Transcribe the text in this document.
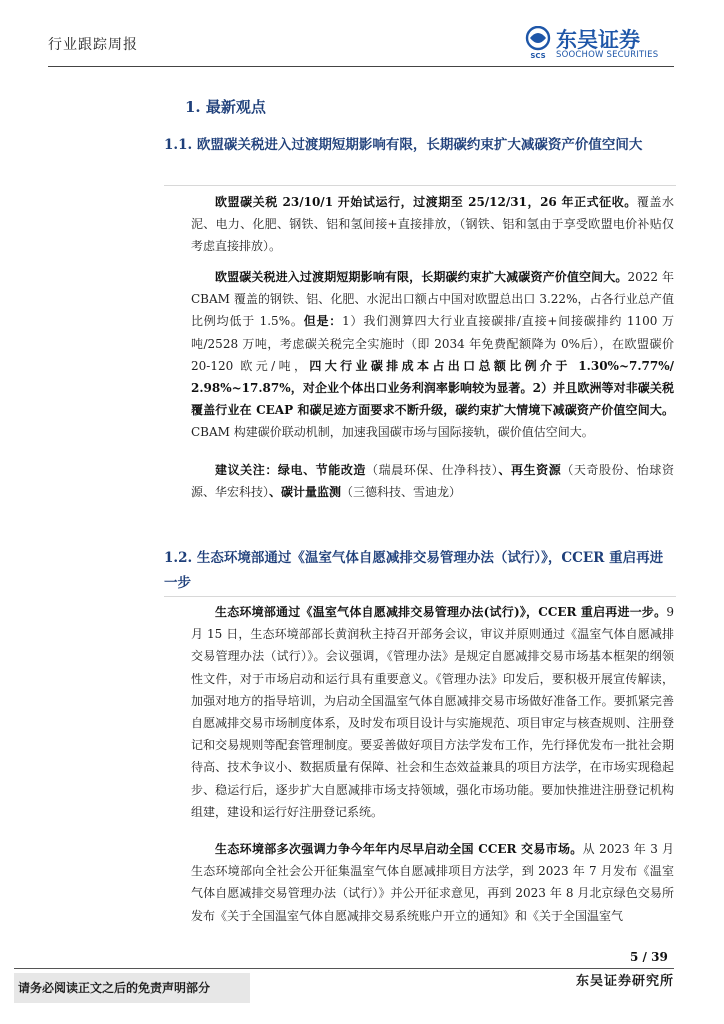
行业跟踪周报
SCS
东吴证券
SOOCHOW SECURITIES
1. 最新观点
1.1. 欧盟碳关税进入过渡期短期影响有限，长期碳约束扩大减碳资产价值空间大
欧盟碳关税 23/10/1 开始试运行，过渡期至 25/12/31，26 年正式征收。覆盖水泥、电力、化肥、钢铁、铝和氢间接+直接排放，（钢铁、铝和氢由于享受欧盟电价补贴仅考虑直接排放）。
欧盟碳关税进入过渡期短期影响有限，长期碳约束扩大减碳资产价值空间大。2022 年 CBAM 覆盖的钢铁、铝、化肥、水泥出口额占中国对欧盟总出口 3.22%，占各行业总产值比例均低于 1.5%。但是：1）我们测算四大行业直接碳排/直接+间接碳排约 1100 万吨/2528 万吨，考虑碳关税完全实施时（即 2034 年免费配额降为 0%后），在欧盟碳价 20-120 欧元/吨，四大行业碳排成本占出口总额比例介于 1.30%~7.77%/ 2.98%~17.87%，对企业个体出口业务利润率影响较为显著。2）并且欧洲等对非碳关税覆盖行业在 CEAP 和碳足迹方面要求不断升级，碳约束扩大情境下减碳资产价值空间大。CBAM 构建碳价联动机制，加速我国碳市场与国际接轨，碳价值估空间大。
建议关注：绿电、节能改造（瑞晨环保、仕净科技）、再生资源（天奇股份、怡球资源、华宏科技）、碳计量监测（三德科技、雪迪龙）
1.2. 生态环境部通过《温室气体自愿减排交易管理办法（试行）》，CCER 重启再进一步
生态环境部通过《温室气体自愿减排交易管理办法(试行)》，CCER 重启再进一步。9 月 15 日，生态环境部部长黄润秋主持召开部务会议，审议并原则通过《温室气体自愿减排交易管理办法（试行）》。会议强调，《管理办法》是规定自愿减排交易市场基本框架的纲领性文件，对于市场启动和运行具有重要意义。《管理办法》印发后，要积极开展宣传解读，加强对地方的指导培训，为启动全国温室气体自愿减排交易市场做好准备工作。要抓紧完善自愿减排交易市场制度体系，及时发布项目设计与实施规范、项目审定与核查规则、注册登记和交易规则等配套管理制度。要妥善做好项目方法学发布工作，先行择优发布一批社会期待高、技术争议小、数据质量有保障、社会和生态效益兼具的项目方法学，在市场实现稳起步、稳运行后，逐步扩大自愿减排市场支持领域，强化市场功能。要加快推进注册登记机构组建，建设和运行好注册登记系统。
生态环境部多次强调力争今年年内尽早启动全国 CCER 交易市场。从 2023 年 3 月生态环境部向全社会公开征集温室气体自愿减排项目方法学，到 2023 年 7 月发布《温室气体自愿减排交易管理办法（试行）》并公开征求意见，再到 2023 年 8 月北京绿色交易所发布《关于全国温室气体自愿减排交易系统账户开立的通知》和《关于全国温室气
5 / 39
请务必阅读正文之后的免责声明部分	东吴证券研究所
